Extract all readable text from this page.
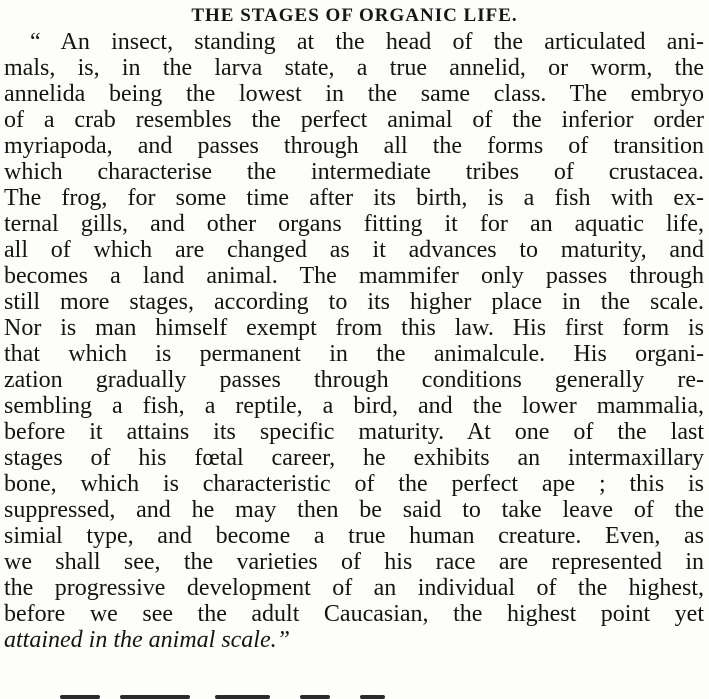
THE STAGES OF ORGANIC LIFE.

“ An insect, standing at the head of the articulated ani-

mals, is, in the larva state, a true annelid, or worm, the

annelida being the lowest in the same class. The embryo

of a crab resembles the perfect animal of the inferior order

myriapoda, and passes through all the forms of transition

which characterise the intermediate tribes of crustacea.

The frog, for some time after its birth, is a fish with ex-

ternal gills, and other organs fitting it for an aquatic life,

all of which are changed as it advances to maturity, and

becomes a land animal. The mammifer only passes through

still more stages, according to its higher place in the scale.

Nor is man himself exempt from this law. His first form is

that which is permanent in the animalcule. His organi-

zation gradually passes through conditions generally re-

sembling a fish, a reptile, a bird, and the lower mammalia,

before it attains its specific maturity. At one of the last

stages of his fœtal career, he exhibits an intermaxillary

bone, which is characteristic of the perfect ape ; this is

suppressed, and he may then be said to take leave of the

simial type, and become a true human creature. Even, as

we shall see, the varieties of his race are represented in

the progressive development of an individual of the highest,

before we see the adult Caucasian, the highest point yet

attained in the animal scale.”
